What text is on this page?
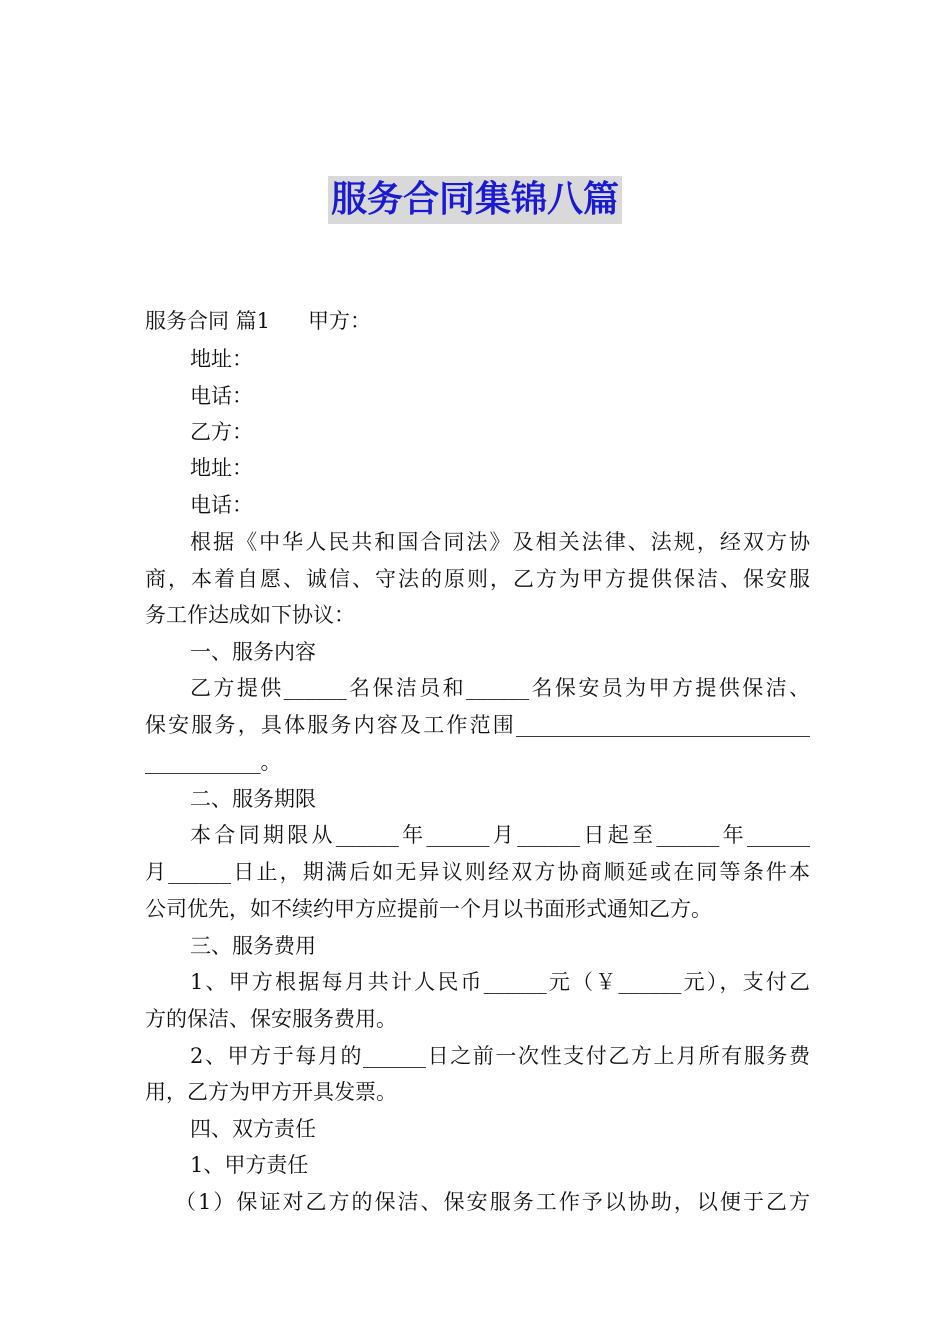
服务合同集锦八篇
服务合同 篇1 甲方：
地址：
电话：
乙方：
地址：
电话：
根据《中华人民共和国合同法》及相关法律、法规，经双方协
商，本着自愿、诚信、守法的原则，乙方为甲方提供保洁、保安服
务工作达成如下协议：
一、服务内容
乙方提供______名保洁员和______名保安员为甲方提供保洁、
保安服务，具体服务内容及工作范围____________________________
___________。
二、服务期限
本合同期限从______年______月______日起至______年______
月______日止，期满后如无异议则经双方协商顺延或在同等条件本
公司优先，如不续约甲方应提前一个月以书面形式通知乙方。
三、服务费用
1、甲方根据每月共计人民币______元（￥______元），支付乙
方的保洁、保安服务费用。
2、甲方于每月的______日之前一次性支付乙方上月所有服务费
用，乙方为甲方开具发票。
四、双方责任
1、甲方责任
（1）保证对乙方的保洁、保安服务工作予以协助，以便于乙方
